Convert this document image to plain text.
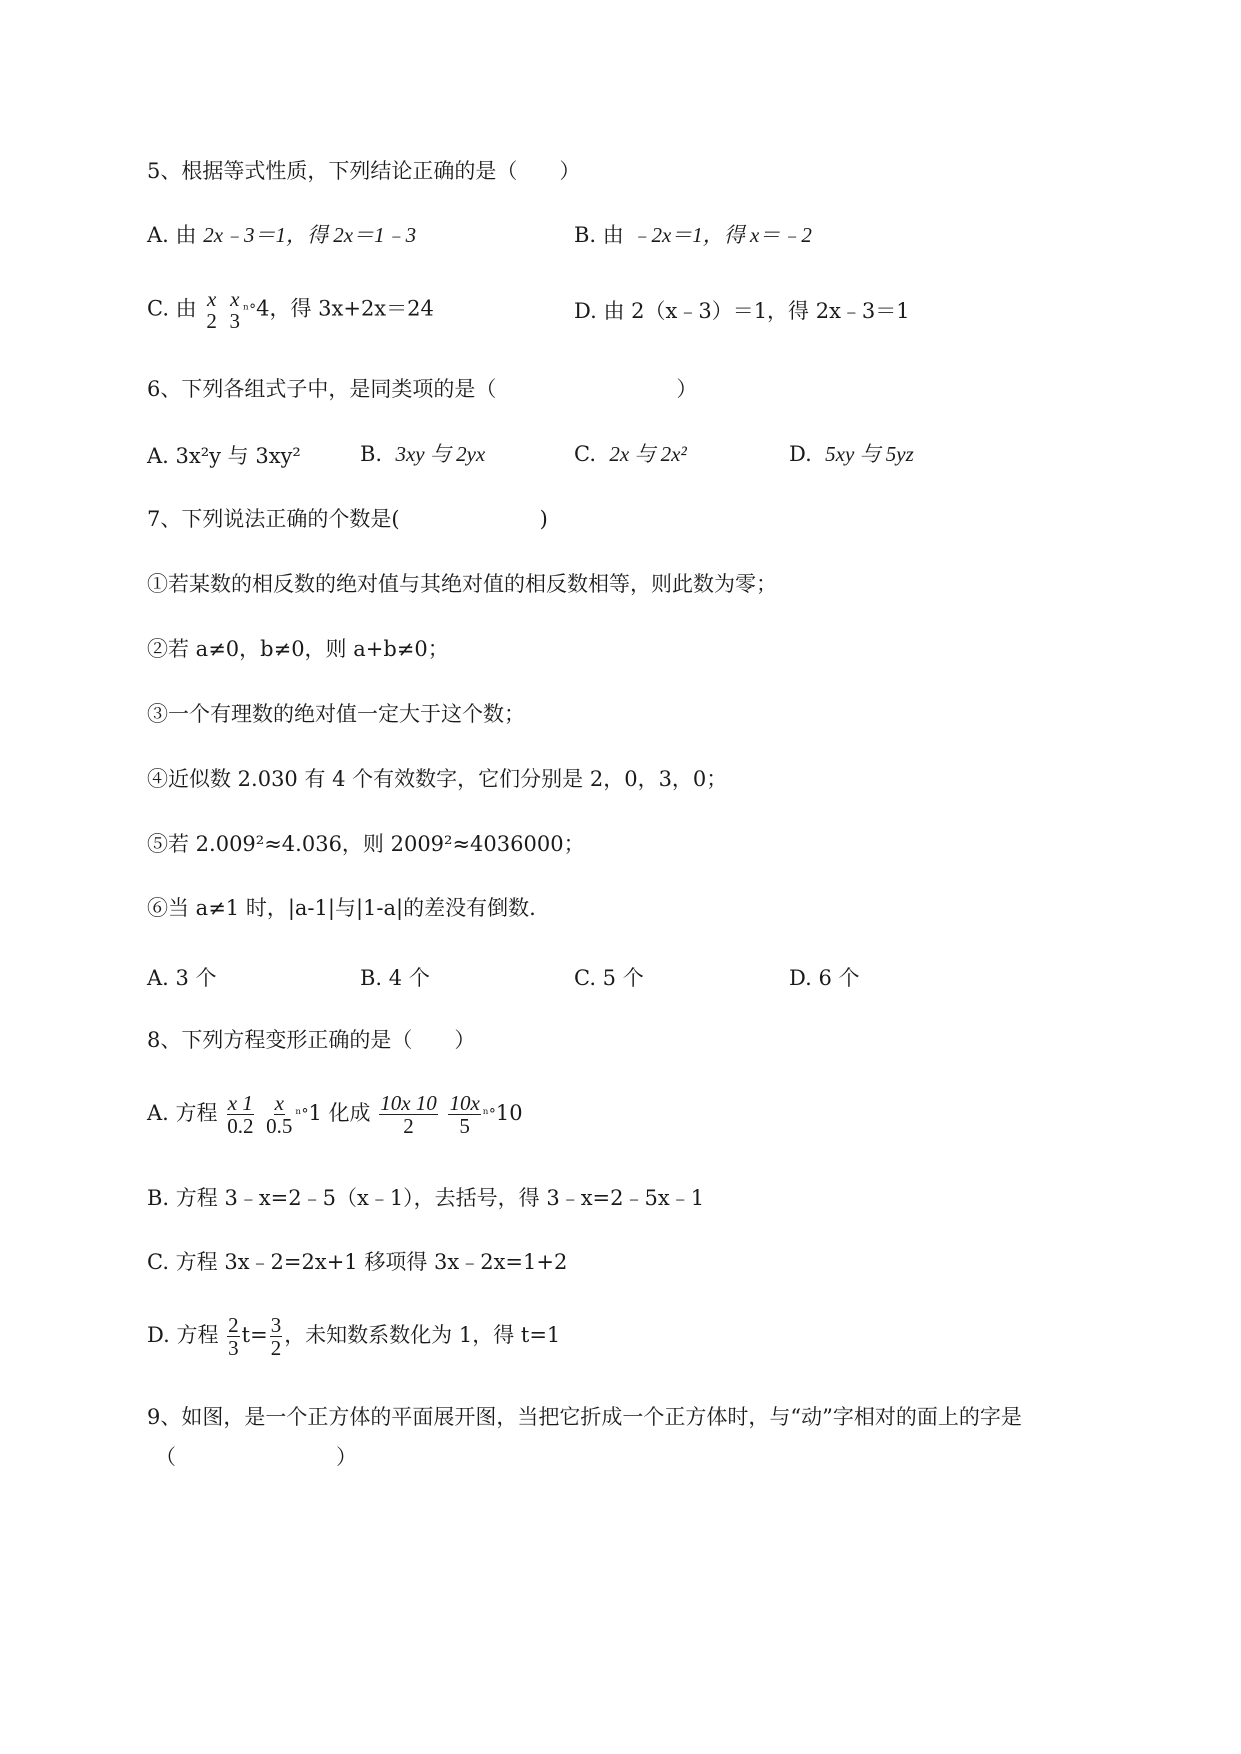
5、根据等式性质，下列结论正确的是（　　）
A. 由 2x﹣3＝1，得 2x＝1﹣3	B. 由 ﹣2x＝1，得 x＝﹣2
C. 由 x
2

x
3 ⁿ°4，得 3x+2x＝24	D. 由 2（x﹣3）＝1，得 2x﹣3＝1
6、下列各组式子中，是同类项的是（	）
A. 3x²y 与 3xy²	B. 3xy 与 2yx	C. 2x 与 2x²	D. 5xy 与 5yz
7、下列说法正确的个数是(	)
①若某数的相反数的绝对值与其绝对值的相反数相等，则此数为零；
②若 a≠0，b≠0，则 a+b≠0；
③一个有理数的绝对值一定大于这个数；
④近似数 2.030 有 4 个有效数字，它们分别是 2，0，3，0；
⑤若 2.009²≈4.036，则 2009²≈4036000；
⑥当 a≠1 时，|a-1|与|1-a|的差没有倒数.
A. 3 个	B. 4 个	C. 5 个	D. 6 个
8、下列方程变形正确的是（　　）
A. 方程 $\frac{x 1}{0.2}$
$\frac{x}{0.5} ^n^\circ 1$ 化成 $\frac{10x 10}{2}$
$\frac{10x}{5} ^n^\circ 10$
B. 方程 3﹣x=2﹣5（x﹣1），去括号，得 3﹣x=2﹣5x﹣1
C. 方程 3x﹣2=2x+1 移项得 3x﹣2x=1+2
D. 方程 $\frac{2}{3} t= \frac{3}{2}$ ，未知数系数化为 1，得 t=1
9、如图，是一个正方体的平面展开图，当把它折成一个正方体时，与“动”字相对的面上的字是
（	）
